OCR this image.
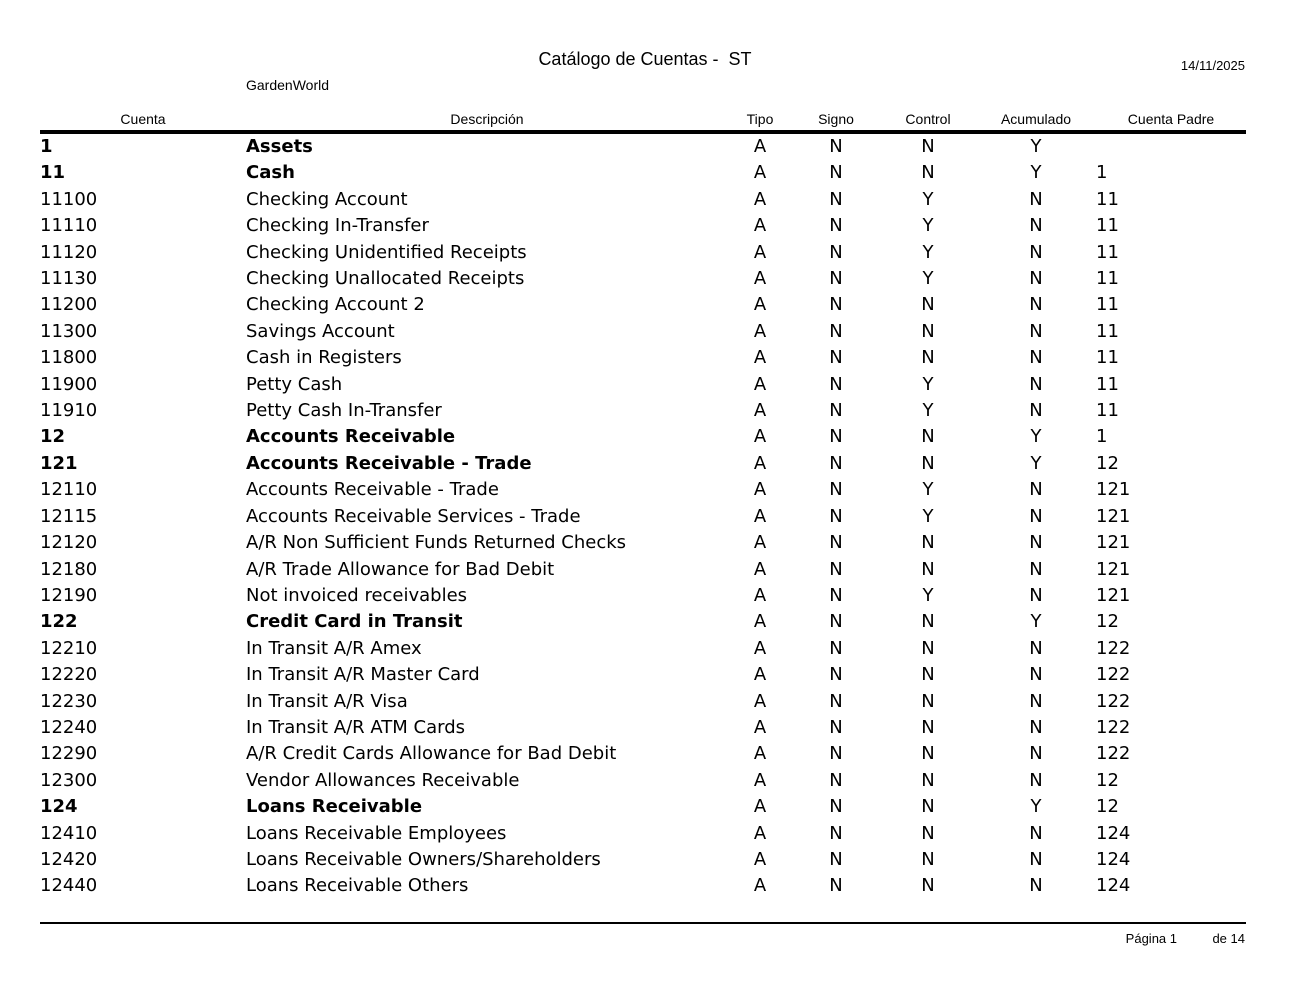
Catálogo de Cuentas -  ST	14/11/2025
GardenWorld
Cuenta	Descripción	Tipo	Signo	Control	Acumulado	Cuenta Padre
1	Assets	A	N	N	Y	
11	Cash	A	N	N	Y	1
11100	Checking Account	A	N	Y	N	11
11110	Checking In-Transfer	A	N	Y	N	11
11120	Checking Unidentified Receipts	A	N	Y	N	11
11130	Checking Unallocated Receipts	A	N	Y	N	11
11200	Checking Account 2	A	N	N	N	11
11300	Savings Account	A	N	N	N	11
11800	Cash in Registers	A	N	N	N	11
11900	Petty Cash	A	N	Y	N	11
11910	Petty Cash In-Transfer	A	N	Y	N	11
12	Accounts Receivable	A	N	N	Y	1
121	Accounts Receivable - Trade	A	N	N	Y	12
12110	Accounts Receivable - Trade	A	N	Y	N	121
12115	Accounts Receivable Services - Trade	A	N	Y	N	121
12120	A/R Non Sufficient Funds Returned Checks	A	N	N	N	121
12180	A/R Trade Allowance for Bad Debit	A	N	N	N	121
12190	Not invoiced receivables	A	N	Y	N	121
122	Credit Card in Transit	A	N	N	Y	12
12210	In Transit A/R Amex	A	N	N	N	122
12220	In Transit A/R Master Card	A	N	N	N	122
12230	In Transit A/R Visa	A	N	N	N	122
12240	In Transit A/R ATM Cards	A	N	N	N	122
12290	A/R Credit Cards Allowance for Bad Debit	A	N	N	N	122
12300	Vendor Allowances Receivable	A	N	N	N	12
124	Loans Receivable	A	N	N	Y	12
12410	Loans Receivable Employees	A	N	N	N	124
12420	Loans Receivable Owners/Shareholders	A	N	N	N	124
12440	Loans Receivable Others	A	N	N	N	124
Página 1	de 14
